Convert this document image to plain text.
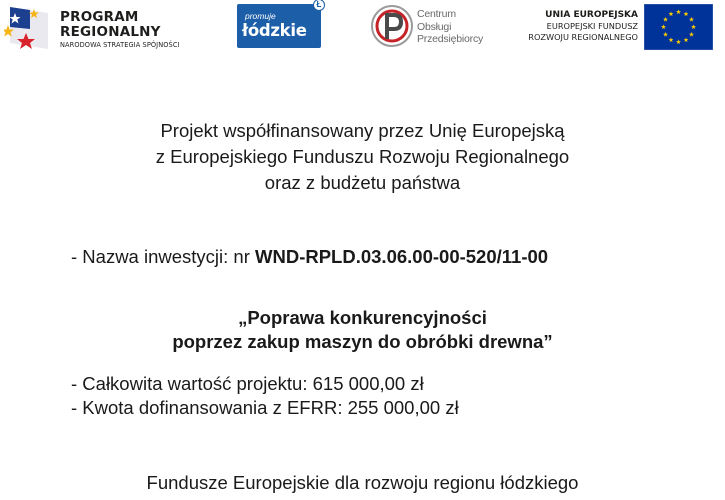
PROGRAM
REGIONALNY
NARODOWA STRATEGIA SPÓJNOŚCI
promuje
łódzkie
Ł
Centrum
Obsługi
Przedsiębiorcy
UNIA EUROPEJSKA
EUROPEJSKI FUNDUSZ
ROZWOJU REGIONALNEGO
Projekt współfinansowany przez Unię Europejską
z Europejskiego Funduszu Rozwoju Regionalnego
oraz z budżetu państwa
- Nazwa inwestycji: nr WND-RPLD.03.06.00-00-520/11-00
„Poprawa konkurencyjności
poprzez zakup maszyn do obróbki drewna”
- Całkowita wartość projektu: 615 000,00 zł
- Kwota dofinansowania z EFRR: 255 000,00 zł
Fundusze Europejskie dla rozwoju regionu łódzkiego
